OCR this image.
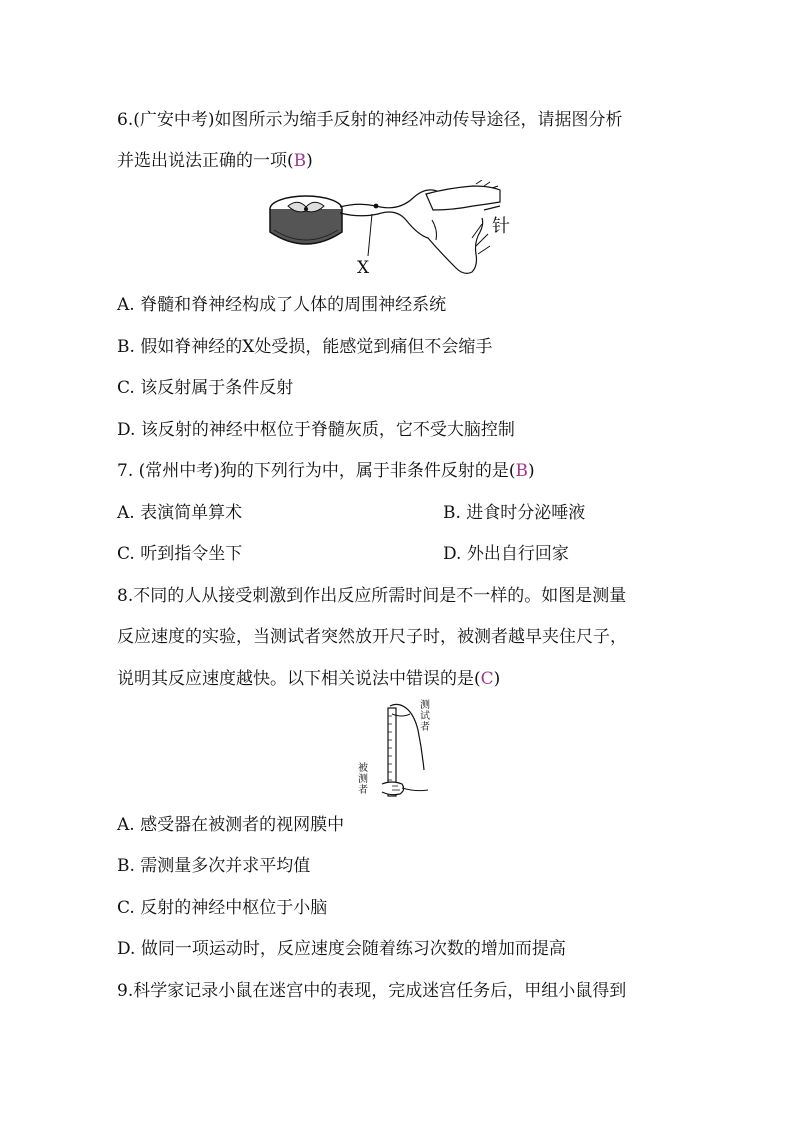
6.(广安中考)如图所示为缩手反射的神经冲动传导途径，请据图分析
并选出说法正确的一项(B)
X
针
A. 脊髓和脊神经构成了人体的周围神经系统
B. 假如脊神经的X处受损，能感觉到痛但不会缩手
C. 该反射属于条件反射
D. 该反射的神经中枢位于脊髓灰质，它不受大脑控制
7. (常州中考)狗的下列行为中，属于非条件反射的是(B)
A. 表演简单算术	B. 进食时分泌唾液
C. 听到指令坐下	D. 外出自行回家
8.不同的人从接受刺激到作出反应所需时间是不一样的。如图是测量
反应速度的实验，当测试者突然放开尺子时，被测者越早夹住尺子，
说明其反应速度越快。以下相关说法中错误的是(C)
测试者
被测者
A. 感受器在被测者的视网膜中
B. 需测量多次并求平均值
C. 反射的神经中枢位于小脑
D. 做同一项运动时，反应速度会随着练习次数的增加而提高
9.科学家记录小鼠在迷宫中的表现，完成迷宫任务后，甲组小鼠得到
